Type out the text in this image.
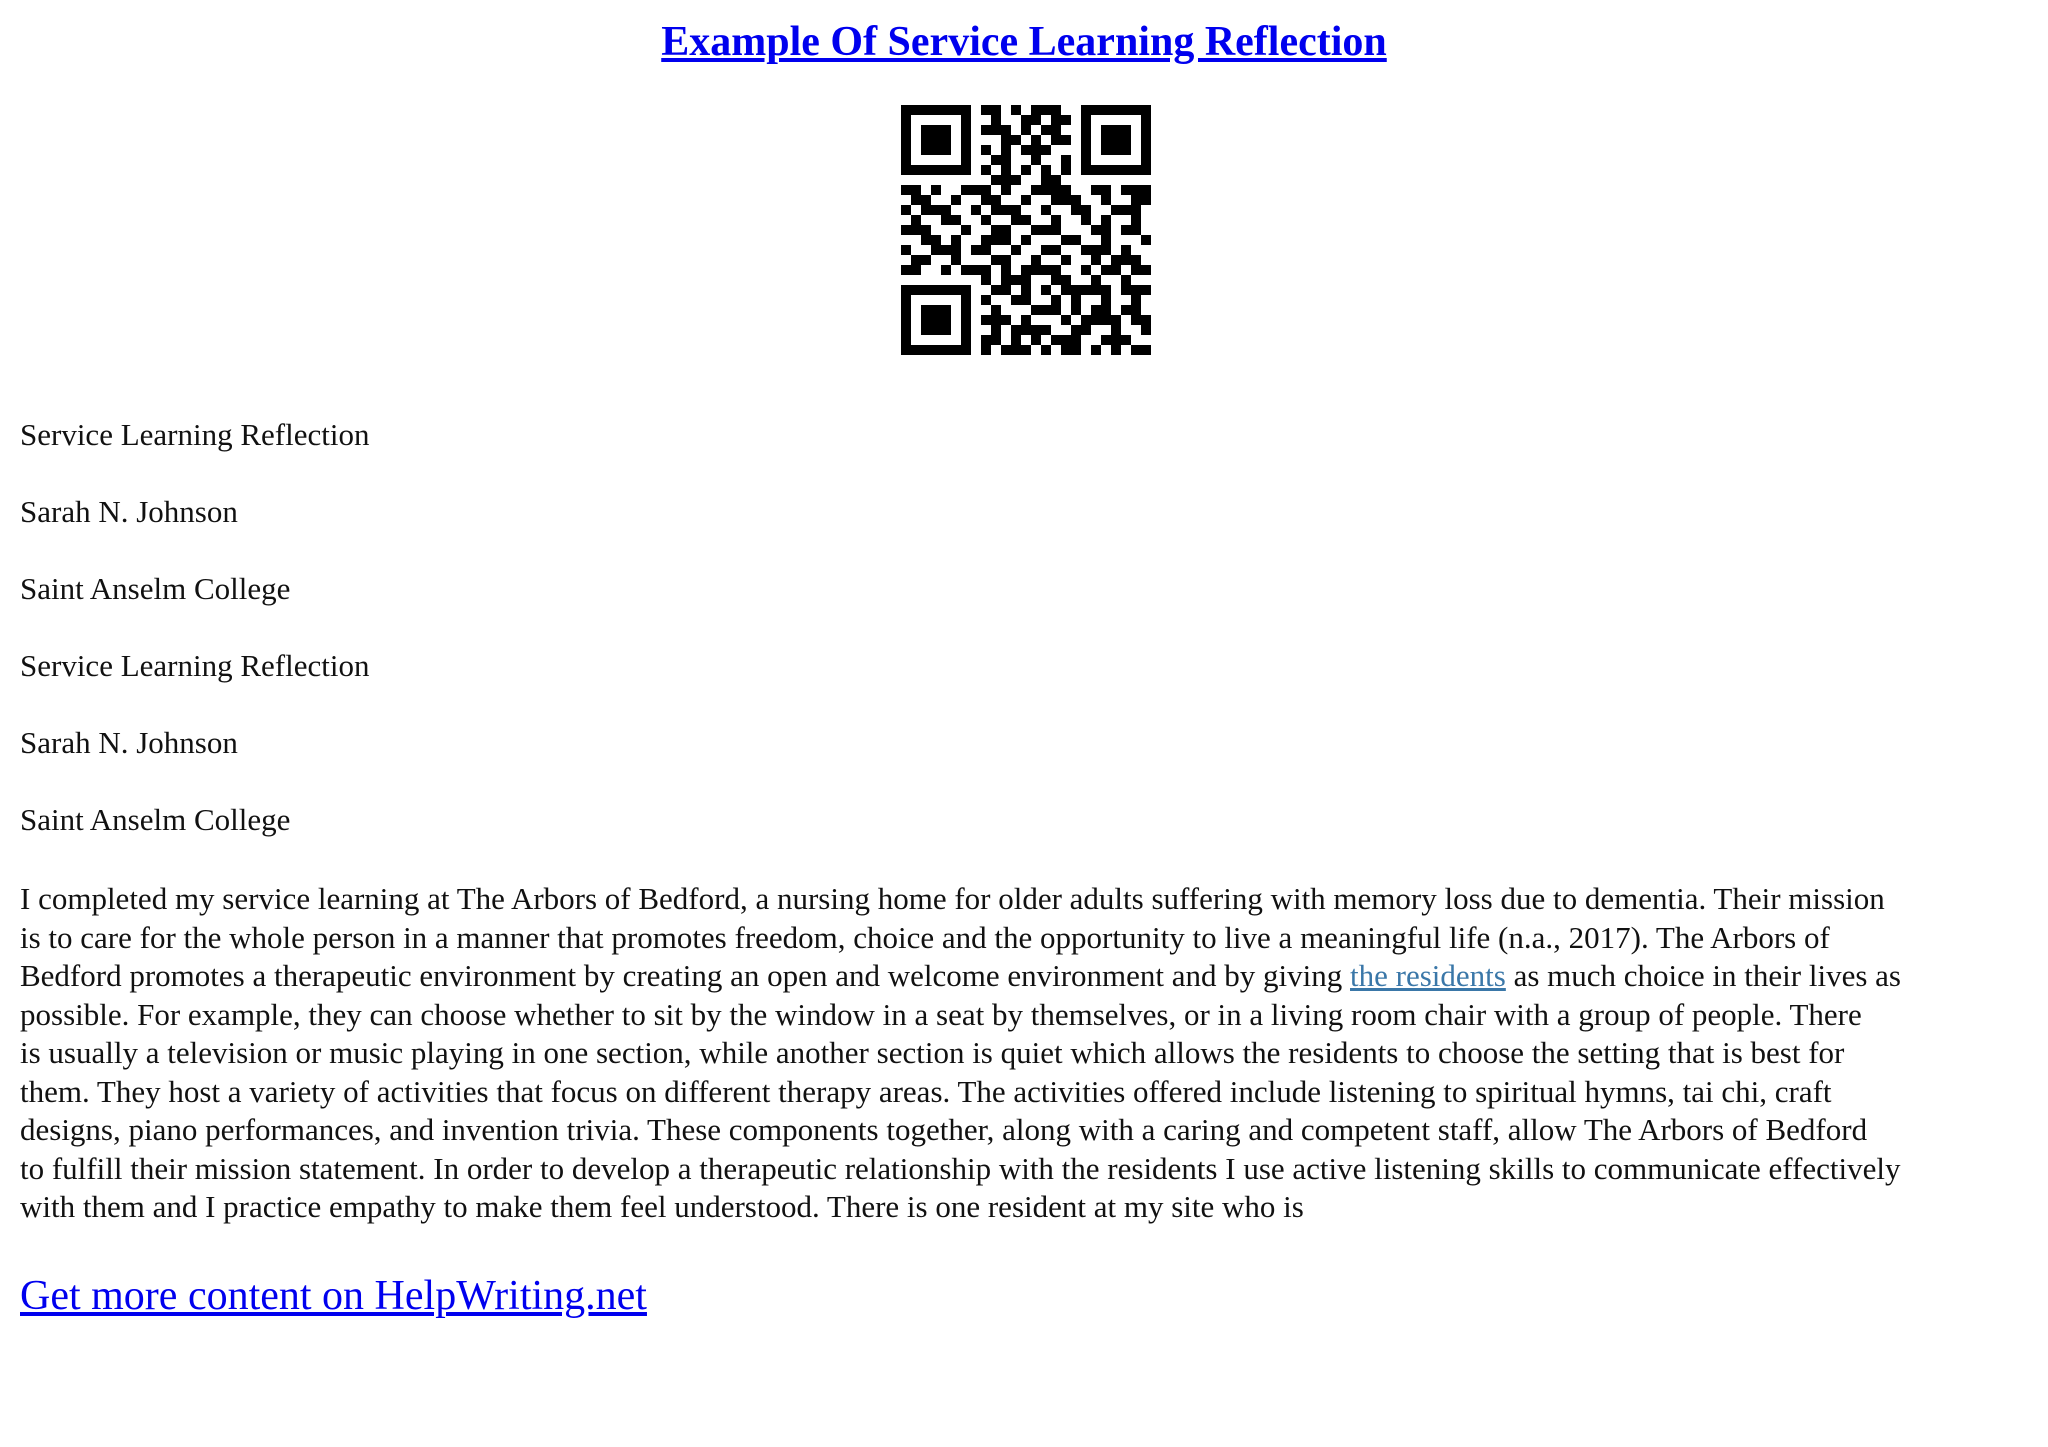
Example Of Service Learning Reflection
Service Learning Reflection
Sarah N. Johnson
Saint Anselm College
Service Learning Reflection
Sarah N. Johnson
Saint Anselm College
I completed my service learning at The Arbors of Bedford, a nursing home for older adults suffering with memory loss due to dementia. Their mission
is to care for the whole person in a manner that promotes freedom, choice and the opportunity to live a meaningful life (n.a., 2017). The Arbors of
Bedford promotes a therapeutic environment by creating an open and welcome environment and by giving the residents as much choice in their lives as
possible. For example, they can choose whether to sit by the window in a seat by themselves, or in a living room chair with a group of people. There
is usually a television or music playing in one section, while another section is quiet which allows the residents to choose the setting that is best for
them. They host a variety of activities that focus on different therapy areas. The activities offered include listening to spiritual hymns, tai chi, craft
designs, piano performances, and invention trivia. These components together, along with a caring and competent staff, allow The Arbors of Bedford
to fulfill their mission statement. In order to develop a therapeutic relationship with the residents I use active listening skills to communicate effectively
with them and I practice empathy to make them feel understood. There is one resident at my site who is
Get more content on HelpWriting.net
